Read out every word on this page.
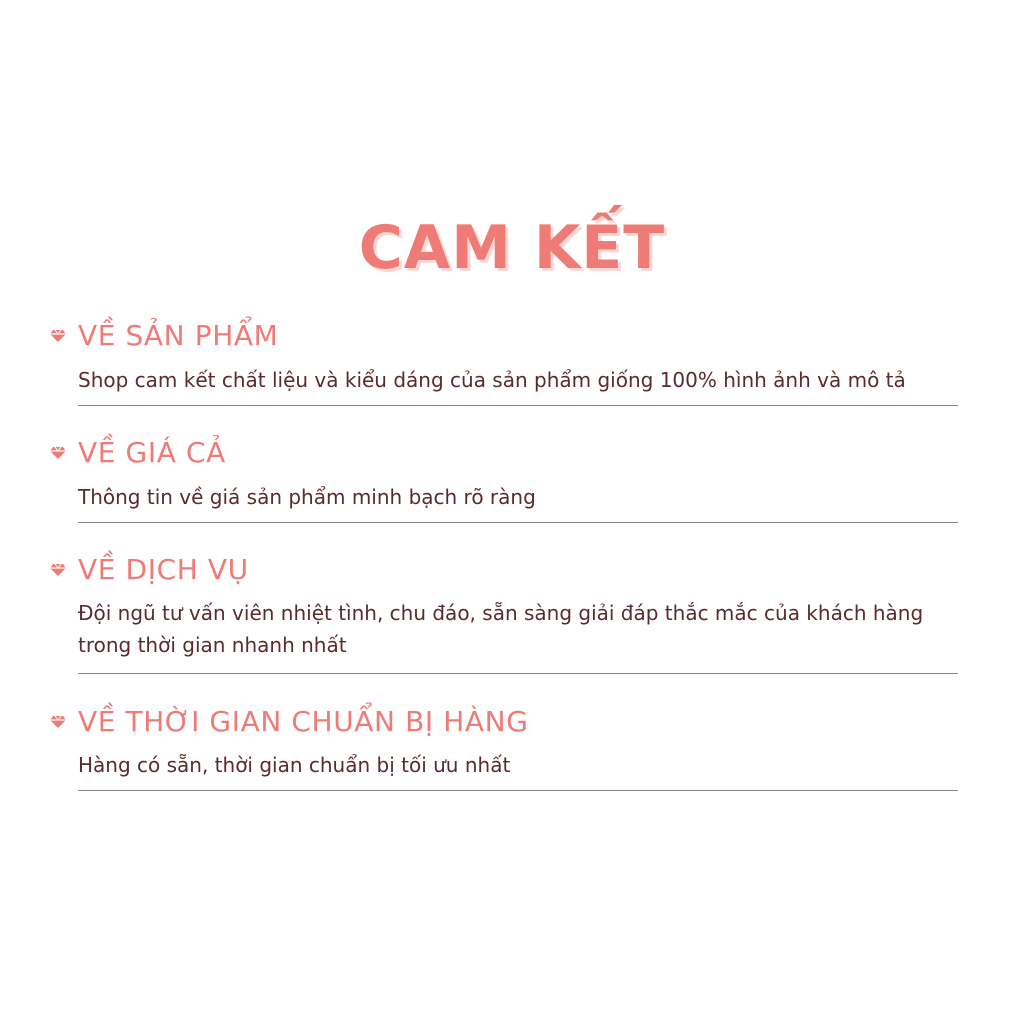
CAM KẾT
VỀ SẢN PHẨM

Shop cam kết chất liệu và kiểu dáng của sản phẩm giống 100% hình ảnh và mô tả

VỀ GIÁ CẢ

Thông tin về giá sản phẩm minh bạch rõ ràng

VỀ DỊCH VỤ

Đội ngũ tư vấn viên nhiệt tình, chu đáo, sẵn sàng giải đáp thắc mắc của khách hàng trong thời gian nhanh nhất

VỀ THỜI GIAN CHUẨN BỊ HÀNG

Hàng có sẵn, thời gian chuẩn bị tối ưu nhất
